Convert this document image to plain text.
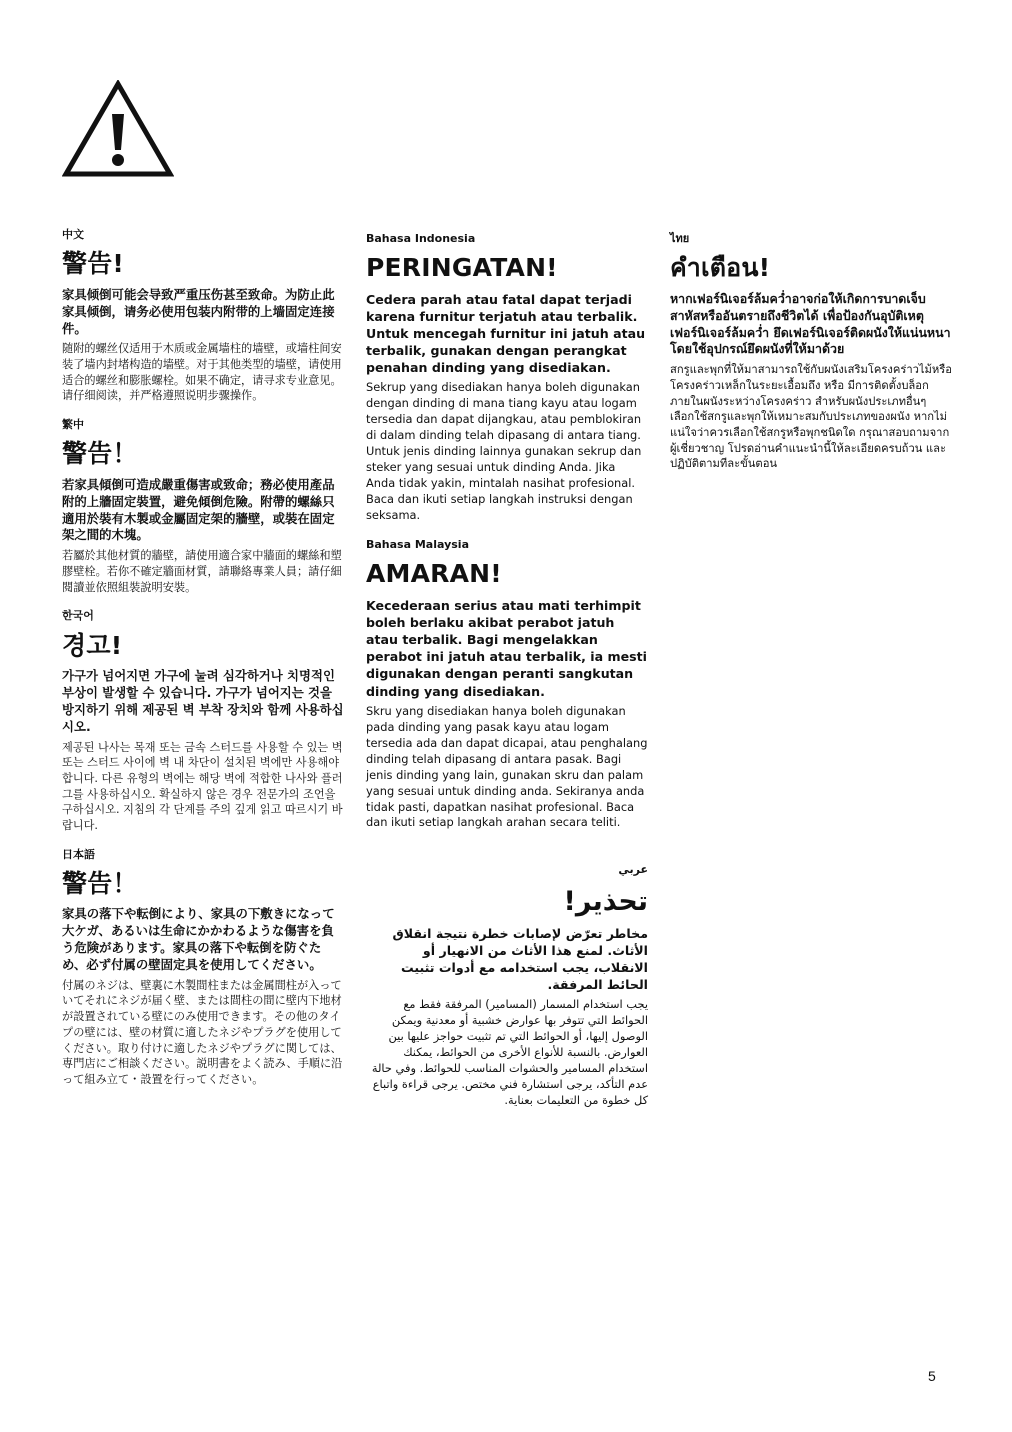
中文

警告!

家具倾倒可能会导致严重压伤甚至致命。为防止此家具倾倒，请务必使用包装内附带的上墙固定连接件。

随附的螺丝仅适用于木质或金属墙柱的墙壁，或墙柱间安装了墙内封堵构造的墙壁。对于其他类型的墙壁，请使用适合的螺丝和膨胀螺栓。如果不确定，请寻求专业意见。请仔细阅读，并严格遵照说明步骤操作。

繁中

警告！

若家具傾倒可造成嚴重傷害或致命；務必使用產品附的上牆固定裝置，避免傾倒危險。附帶的螺絲只適用於裝有木製或金屬固定架的牆壁，或裝在固定架之間的木塊。

若屬於其他材質的牆壁，請使用適合家中牆面的螺絲和塑膠壁栓。若你不確定牆面材質，請聯絡專業人員；請仔細閱讀並依照組裝說明安裝。

한국어

경고!

가구가 넘어지면 가구에 눌려 심각하거나 치명적인 부상이 발생할 수 있습니다. 가구가 넘어지는 것을 방지하기 위해 제공된 벽 부착 장치와 함께 사용하십시오.

제공된 나사는 목재 또는 금속 스터드를 사용할 수 있는 벽 또는 스터드 사이에 벽 내 차단이 설치된 벽에만 사용해야 합니다. 다른 유형의 벽에는 해당 벽에 적합한 나사와 플러그를 사용하십시오. 확실하지 않은 경우 전문가의 조언을 구하십시오. 지침의 각 단계를 주의 깊게 읽고 따르시기 바랍니다.

日本語

警告！

家具の落下や転倒により、家具の下敷きになって大ケガ、あるいは生命にかかわるような傷害を負う危険があります。家具の落下や転倒を防ぐため、必ず付属の壁固定具を使用してください。

付属のネジは、壁裏に木製間柱または金属間柱が入っていてそれにネジが届く壁、または間柱の間に壁内下地材が設置されている壁にのみ使用できます。その他のタイプの壁には、壁の材質に適したネジやプラグを使用してください。取り付けに適したネジやプラグに関しては、専門店にご相談ください。説明書をよく読み、手順に沿って組み立て・設置を行ってください。

Bahasa Indonesia

PERINGATAN!

Cedera parah atau fatal dapat terjadi karena furnitur terjatuh atau terbalik. Untuk mencegah furnitur ini jatuh atau terbalik, gunakan dengan perangkat penahan dinding yang disediakan.

Sekrup yang disediakan hanya boleh digunakan dengan dinding di mana tiang kayu atau logam tersedia dan dapat dijangkau, atau pemblokiran di dalam dinding telah dipasang di antara tiang. Untuk jenis dinding lainnya gunakan sekrup dan steker yang sesuai untuk dinding Anda. Jika Anda tidak yakin, mintalah nasihat profesional. Baca dan ikuti setiap langkah instruksi dengan seksama.

Bahasa Malaysia

AMARAN!

Kecederaan serius atau mati terhimpit boleh berlaku akibat perabot jatuh atau terbalik. Bagi mengelakkan perabot ini jatuh atau terbalik, ia mesti digunakan dengan peranti sangkutan dinding yang disediakan.

Skru yang disediakan hanya boleh digunakan pada dinding yang pasak kayu atau logam tersedia ada dan dapat dicapai, atau penghalang dinding telah dipasang di antara pasak. Bagi jenis dinding yang lain, gunakan skru dan palam yang sesuai untuk dinding anda. Sekiranya anda tidak pasti, dapatkan nasihat profesional. Baca dan ikuti setiap langkah arahan secara teliti.

عربي

تحذير!

مخاطر تعرّض لإصابات خطرة نتيجة انقلاق الأثاث. لمنع هذا الأثاث من الانهيار أو الانقلاب، يجب استخدامه مع أدوات تثبيت الحائط المرفقة.

يجب استخدام المسمار (المسامير) المرفقة فقط مع الحوائط التي تتوفر بها عوارض خشبية أو معدنية ويمكن الوصول إليها، أو الحوائط التي تم تثبيت حواجز عليها بين العوارض. بالنسبة للأنواع الأخرى من الحوائط، يمكنك استخدام المسامير والحشوات المناسب للحوائط. وفي حالة عدم التأكد، يرجى استشارة فني مختص. يرجى قراءة واتباع كل خطوة من التعليمات بعناية.

ไทย

คำเตือน!

หากเฟอร์นิเจอร์ล้มคว่ำอาจก่อให้เกิดการบาดเจ็บสาหัสหรืออันตรายถึงชีวิตได้ เพื่อป้องกันอุบัติเหตุเฟอร์นิเจอร์ล้มคว่ำ ยึดเฟอร์นิเจอร์ติดผนังให้แน่นหนา โดยใช้อุปกรณ์ยึดผนังที่ให้มาด้วย

สกรูและพุกที่ให้มาสามารถใช้กับผนังเสริมโครงคร่าวไม้หรือโครงคร่าวเหล็กในระยะเอื้อมถึง หรือ มีการติดตั้งบล็อกภายในผนังระหว่างโครงคร่าว สำหรับผนังประเภทอื่นๆ เลือกใช้สกรูและพุกให้เหมาะสมกับประเภทของผนัง หากไม่แน่ใจว่าควรเลือกใช้สกรูหรือพุกชนิดใด กรุณาสอบถามจากผู้เชี่ยวชาญ โปรดอ่านคำแนะนำนี้ให้ละเอียดครบถ้วน และปฏิบัติตามทีละขั้นตอน

5
